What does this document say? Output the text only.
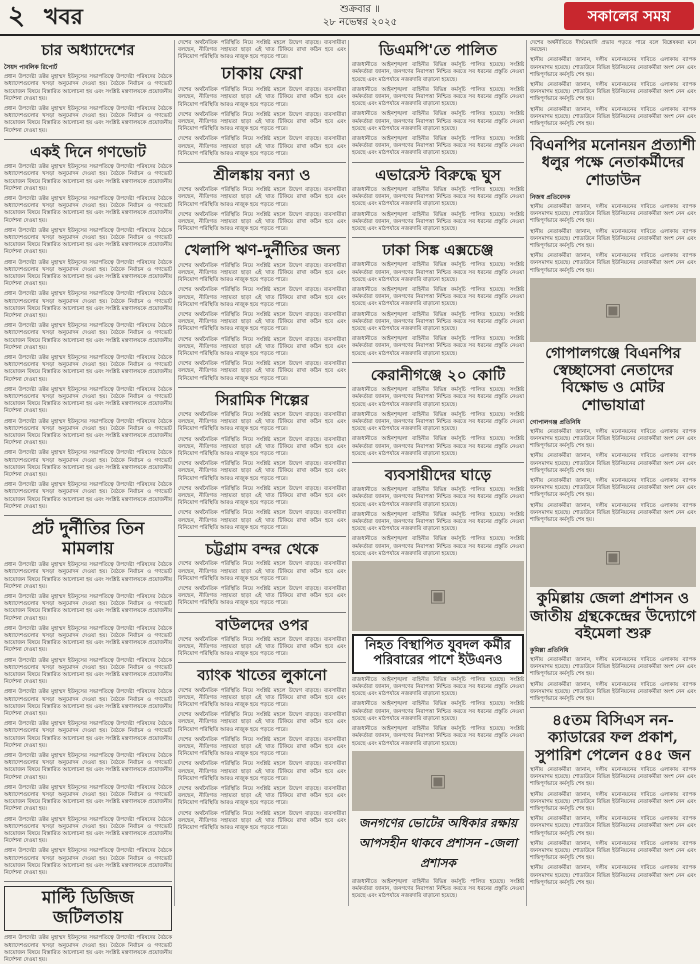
২ খবর	শুক্রবার ॥
২৮ নভেম্বর ২০২৫	সকালের সময়
চার অধ্যাদেশের
সৈয়দ পাবলিক রিপোর্ট

প্রধান উপদেষ্টা ডক্টর মুহাম্মদ ইউনূসের সভাপতিত্বে উপদেষ্টা পরিষদের বৈঠকে অধ্যাদেশগুলোর খসড়া অনুমোদন দেওয়া হয়। বৈঠকে নির্বাচন ও গণভোট আয়োজন বিষয়ে বিস্তারিত আলোচনা হয় এবং সংশ্লিষ্ট মন্ত্রণালয়কে প্রয়োজনীয় নির্দেশনা দেওয়া হয়।

প্রধান উপদেষ্টা ডক্টর মুহাম্মদ ইউনূসের সভাপতিত্বে উপদেষ্টা পরিষদের বৈঠকে অধ্যাদেশগুলোর খসড়া অনুমোদন দেওয়া হয়। বৈঠকে নির্বাচন ও গণভোট আয়োজন বিষয়ে বিস্তারিত আলোচনা হয় এবং সংশ্লিষ্ট মন্ত্রণালয়কে প্রয়োজনীয় নির্দেশনা দেওয়া হয়।

একই দিনে গণভোট

প্রধান উপদেষ্টা ডক্টর মুহাম্মদ ইউনূসের সভাপতিত্বে উপদেষ্টা পরিষদের বৈঠকে অধ্যাদেশগুলোর খসড়া অনুমোদন দেওয়া হয়। বৈঠকে নির্বাচন ও গণভোট আয়োজন বিষয়ে বিস্তারিত আলোচনা হয় এবং সংশ্লিষ্ট মন্ত্রণালয়কে প্রয়োজনীয় নির্দেশনা দেওয়া হয়।

প্রধান উপদেষ্টা ডক্টর মুহাম্মদ ইউনূসের সভাপতিত্বে উপদেষ্টা পরিষদের বৈঠকে অধ্যাদেশগুলোর খসড়া অনুমোদন দেওয়া হয়। বৈঠকে নির্বাচন ও গণভোট আয়োজন বিষয়ে বিস্তারিত আলোচনা হয় এবং সংশ্লিষ্ট মন্ত্রণালয়কে প্রয়োজনীয় নির্দেশনা দেওয়া হয়।

প্রধান উপদেষ্টা ডক্টর মুহাম্মদ ইউনূসের সভাপতিত্বে উপদেষ্টা পরিষদের বৈঠকে অধ্যাদেশগুলোর খসড়া অনুমোদন দেওয়া হয়। বৈঠকে নির্বাচন ও গণভোট আয়োজন বিষয়ে বিস্তারিত আলোচনা হয় এবং সংশ্লিষ্ট মন্ত্রণালয়কে প্রয়োজনীয় নির্দেশনা দেওয়া হয়।

প্রধান উপদেষ্টা ডক্টর মুহাম্মদ ইউনূসের সভাপতিত্বে উপদেষ্টা পরিষদের বৈঠকে অধ্যাদেশগুলোর খসড়া অনুমোদন দেওয়া হয়। বৈঠকে নির্বাচন ও গণভোট আয়োজন বিষয়ে বিস্তারিত আলোচনা হয় এবং সংশ্লিষ্ট মন্ত্রণালয়কে প্রয়োজনীয় নির্দেশনা দেওয়া হয়।

প্রধান উপদেষ্টা ডক্টর মুহাম্মদ ইউনূসের সভাপতিত্বে উপদেষ্টা পরিষদের বৈঠকে অধ্যাদেশগুলোর খসড়া অনুমোদন দেওয়া হয়। বৈঠকে নির্বাচন ও গণভোট আয়োজন বিষয়ে বিস্তারিত আলোচনা হয় এবং সংশ্লিষ্ট মন্ত্রণালয়কে প্রয়োজনীয় নির্দেশনা দেওয়া হয়।

প্রধান উপদেষ্টা ডক্টর মুহাম্মদ ইউনূসের সভাপতিত্বে উপদেষ্টা পরিষদের বৈঠকে অধ্যাদেশগুলোর খসড়া অনুমোদন দেওয়া হয়। বৈঠকে নির্বাচন ও গণভোট আয়োজন বিষয়ে বিস্তারিত আলোচনা হয় এবং সংশ্লিষ্ট মন্ত্রণালয়কে প্রয়োজনীয় নির্দেশনা দেওয়া হয়।

প্রধান উপদেষ্টা ডক্টর মুহাম্মদ ইউনূসের সভাপতিত্বে উপদেষ্টা পরিষদের বৈঠকে অধ্যাদেশগুলোর খসড়া অনুমোদন দেওয়া হয়। বৈঠকে নির্বাচন ও গণভোট আয়োজন বিষয়ে বিস্তারিত আলোচনা হয় এবং সংশ্লিষ্ট মন্ত্রণালয়কে প্রয়োজনীয় নির্দেশনা দেওয়া হয়।

প্রধান উপদেষ্টা ডক্টর মুহাম্মদ ইউনূসের সভাপতিত্বে উপদেষ্টা পরিষদের বৈঠকে অধ্যাদেশগুলোর খসড়া অনুমোদন দেওয়া হয়। বৈঠকে নির্বাচন ও গণভোট আয়োজন বিষয়ে বিস্তারিত আলোচনা হয় এবং সংশ্লিষ্ট মন্ত্রণালয়কে প্রয়োজনীয় নির্দেশনা দেওয়া হয়।

প্রধান উপদেষ্টা ডক্টর মুহাম্মদ ইউনূসের সভাপতিত্বে উপদেষ্টা পরিষদের বৈঠকে অধ্যাদেশগুলোর খসড়া অনুমোদন দেওয়া হয়। বৈঠকে নির্বাচন ও গণভোট আয়োজন বিষয়ে বিস্তারিত আলোচনা হয় এবং সংশ্লিষ্ট মন্ত্রণালয়কে প্রয়োজনীয় নির্দেশনা দেওয়া হয়।

প্রধান উপদেষ্টা ডক্টর মুহাম্মদ ইউনূসের সভাপতিত্বে উপদেষ্টা পরিষদের বৈঠকে অধ্যাদেশগুলোর খসড়া অনুমোদন দেওয়া হয়। বৈঠকে নির্বাচন ও গণভোট আয়োজন বিষয়ে বিস্তারিত আলোচনা হয় এবং সংশ্লিষ্ট মন্ত্রণালয়কে প্রয়োজনীয় নির্দেশনা দেওয়া হয়।

প্রধান উপদেষ্টা ডক্টর মুহাম্মদ ইউনূসের সভাপতিত্বে উপদেষ্টা পরিষদের বৈঠকে অধ্যাদেশগুলোর খসড়া অনুমোদন দেওয়া হয়। বৈঠকে নির্বাচন ও গণভোট আয়োজন বিষয়ে বিস্তারিত আলোচনা হয় এবং সংশ্লিষ্ট মন্ত্রণালয়কে প্রয়োজনীয় নির্দেশনা দেওয়া হয়।

প্রট দুর্নীতির তিন মামলায়

প্রধান উপদেষ্টা ডক্টর মুহাম্মদ ইউনূসের সভাপতিত্বে উপদেষ্টা পরিষদের বৈঠকে অধ্যাদেশগুলোর খসড়া অনুমোদন দেওয়া হয়। বৈঠকে নির্বাচন ও গণভোট আয়োজন বিষয়ে বিস্তারিত আলোচনা হয় এবং সংশ্লিষ্ট মন্ত্রণালয়কে প্রয়োজনীয় নির্দেশনা দেওয়া হয়।

প্রধান উপদেষ্টা ডক্টর মুহাম্মদ ইউনূসের সভাপতিত্বে উপদেষ্টা পরিষদের বৈঠকে অধ্যাদেশগুলোর খসড়া অনুমোদন দেওয়া হয়। বৈঠকে নির্বাচন ও গণভোট আয়োজন বিষয়ে বিস্তারিত আলোচনা হয় এবং সংশ্লিষ্ট মন্ত্রণালয়কে প্রয়োজনীয় নির্দেশনা দেওয়া হয়।

প্রধান উপদেষ্টা ডক্টর মুহাম্মদ ইউনূসের সভাপতিত্বে উপদেষ্টা পরিষদের বৈঠকে অধ্যাদেশগুলোর খসড়া অনুমোদন দেওয়া হয়। বৈঠকে নির্বাচন ও গণভোট আয়োজন বিষয়ে বিস্তারিত আলোচনা হয় এবং সংশ্লিষ্ট মন্ত্রণালয়কে প্রয়োজনীয় নির্দেশনা দেওয়া হয়।

প্রধান উপদেষ্টা ডক্টর মুহাম্মদ ইউনূসের সভাপতিত্বে উপদেষ্টা পরিষদের বৈঠকে অধ্যাদেশগুলোর খসড়া অনুমোদন দেওয়া হয়। বৈঠকে নির্বাচন ও গণভোট আয়োজন বিষয়ে বিস্তারিত আলোচনা হয় এবং সংশ্লিষ্ট মন্ত্রণালয়কে প্রয়োজনীয় নির্দেশনা দেওয়া হয়।

প্রধান উপদেষ্টা ডক্টর মুহাম্মদ ইউনূসের সভাপতিত্বে উপদেষ্টা পরিষদের বৈঠকে অধ্যাদেশগুলোর খসড়া অনুমোদন দেওয়া হয়। বৈঠকে নির্বাচন ও গণভোট আয়োজন বিষয়ে বিস্তারিত আলোচনা হয় এবং সংশ্লিষ্ট মন্ত্রণালয়কে প্রয়োজনীয় নির্দেশনা দেওয়া হয়।

প্রধান উপদেষ্টা ডক্টর মুহাম্মদ ইউনূসের সভাপতিত্বে উপদেষ্টা পরিষদের বৈঠকে অধ্যাদেশগুলোর খসড়া অনুমোদন দেওয়া হয়। বৈঠকে নির্বাচন ও গণভোট আয়োজন বিষয়ে বিস্তারিত আলোচনা হয় এবং সংশ্লিষ্ট মন্ত্রণালয়কে প্রয়োজনীয় নির্দেশনা দেওয়া হয়।

প্রধান উপদেষ্টা ডক্টর মুহাম্মদ ইউনূসের সভাপতিত্বে উপদেষ্টা পরিষদের বৈঠকে অধ্যাদেশগুলোর খসড়া অনুমোদন দেওয়া হয়। বৈঠকে নির্বাচন ও গণভোট আয়োজন বিষয়ে বিস্তারিত আলোচনা হয় এবং সংশ্লিষ্ট মন্ত্রণালয়কে প্রয়োজনীয় নির্দেশনা দেওয়া হয়।

প্রধান উপদেষ্টা ডক্টর মুহাম্মদ ইউনূসের সভাপতিত্বে উপদেষ্টা পরিষদের বৈঠকে অধ্যাদেশগুলোর খসড়া অনুমোদন দেওয়া হয়। বৈঠকে নির্বাচন ও গণভোট আয়োজন বিষয়ে বিস্তারিত আলোচনা হয় এবং সংশ্লিষ্ট মন্ত্রণালয়কে প্রয়োজনীয় নির্দেশনা দেওয়া হয়।

প্রধান উপদেষ্টা ডক্টর মুহাম্মদ ইউনূসের সভাপতিত্বে উপদেষ্টা পরিষদের বৈঠকে অধ্যাদেশগুলোর খসড়া অনুমোদন দেওয়া হয়। বৈঠকে নির্বাচন ও গণভোট আয়োজন বিষয়ে বিস্তারিত আলোচনা হয় এবং সংশ্লিষ্ট মন্ত্রণালয়কে প্রয়োজনীয় নির্দেশনা দেওয়া হয়।

প্রধান উপদেষ্টা ডক্টর মুহাম্মদ ইউনূসের সভাপতিত্বে উপদেষ্টা পরিষদের বৈঠকে অধ্যাদেশগুলোর খসড়া অনুমোদন দেওয়া হয়। বৈঠকে নির্বাচন ও গণভোট আয়োজন বিষয়ে বিস্তারিত আলোচনা হয় এবং সংশ্লিষ্ট মন্ত্রণালয়কে প্রয়োজনীয় নির্দেশনা দেওয়া হয়।

মাল্টি ডিজিজ জটিলতায়

প্রধান উপদেষ্টা ডক্টর মুহাম্মদ ইউনূসের সভাপতিত্বে উপদেষ্টা পরিষদের বৈঠকে অধ্যাদেশগুলোর খসড়া অনুমোদন দেওয়া হয়। বৈঠকে নির্বাচন ও গণভোট আয়োজন বিষয়ে বিস্তারিত আলোচনা হয় এবং সংশ্লিষ্ট মন্ত্রণালয়কে প্রয়োজনীয় নির্দেশনা দেওয়া হয়।

দেশের অর্থনৈতিক পরিস্থিতি নিয়ে সংশ্লিষ্ট মহলে উদ্বেগ বাড়ছে। ব্যবসায়ীরা বলছেন, নীতিগত সহায়তা ছাড়া এই খাত টিকিয়ে রাখা কঠিন হবে এবং বিনিয়োগ পরিস্থিতি আরও নাজুক হয়ে পড়তে পারে।

ঢাকায় ফেরা

দেশের অর্থনৈতিক পরিস্থিতি নিয়ে সংশ্লিষ্ট মহলে উদ্বেগ বাড়ছে। ব্যবসায়ীরা বলছেন, নীতিগত সহায়তা ছাড়া এই খাত টিকিয়ে রাখা কঠিন হবে এবং বিনিয়োগ পরিস্থিতি আরও নাজুক হয়ে পড়তে পারে।

দেশের অর্থনৈতিক পরিস্থিতি নিয়ে সংশ্লিষ্ট মহলে উদ্বেগ বাড়ছে। ব্যবসায়ীরা বলছেন, নীতিগত সহায়তা ছাড়া এই খাত টিকিয়ে রাখা কঠিন হবে এবং বিনিয়োগ পরিস্থিতি আরও নাজুক হয়ে পড়তে পারে।

দেশের অর্থনৈতিক পরিস্থিতি নিয়ে সংশ্লিষ্ট মহলে উদ্বেগ বাড়ছে। ব্যবসায়ীরা বলছেন, নীতিগত সহায়তা ছাড়া এই খাত টিকিয়ে রাখা কঠিন হবে এবং বিনিয়োগ পরিস্থিতি আরও নাজুক হয়ে পড়তে পারে।

শ্রীলঙ্কায় বন্যা ও

দেশের অর্থনৈতিক পরিস্থিতি নিয়ে সংশ্লিষ্ট মহলে উদ্বেগ বাড়ছে। ব্যবসায়ীরা বলছেন, নীতিগত সহায়তা ছাড়া এই খাত টিকিয়ে রাখা কঠিন হবে এবং বিনিয়োগ পরিস্থিতি আরও নাজুক হয়ে পড়তে পারে।

দেশের অর্থনৈতিক পরিস্থিতি নিয়ে সংশ্লিষ্ট মহলে উদ্বেগ বাড়ছে। ব্যবসায়ীরা বলছেন, নীতিগত সহায়তা ছাড়া এই খাত টিকিয়ে রাখা কঠিন হবে এবং বিনিয়োগ পরিস্থিতি আরও নাজুক হয়ে পড়তে পারে।

খেলাপি ঋণ-দুর্নীতির জন্য

দেশের অর্থনৈতিক পরিস্থিতি নিয়ে সংশ্লিষ্ট মহলে উদ্বেগ বাড়ছে। ব্যবসায়ীরা বলছেন, নীতিগত সহায়তা ছাড়া এই খাত টিকিয়ে রাখা কঠিন হবে এবং বিনিয়োগ পরিস্থিতি আরও নাজুক হয়ে পড়তে পারে।

দেশের অর্থনৈতিক পরিস্থিতি নিয়ে সংশ্লিষ্ট মহলে উদ্বেগ বাড়ছে। ব্যবসায়ীরা বলছেন, নীতিগত সহায়তা ছাড়া এই খাত টিকিয়ে রাখা কঠিন হবে এবং বিনিয়োগ পরিস্থিতি আরও নাজুক হয়ে পড়তে পারে।

দেশের অর্থনৈতিক পরিস্থিতি নিয়ে সংশ্লিষ্ট মহলে উদ্বেগ বাড়ছে। ব্যবসায়ীরা বলছেন, নীতিগত সহায়তা ছাড়া এই খাত টিকিয়ে রাখা কঠিন হবে এবং বিনিয়োগ পরিস্থিতি আরও নাজুক হয়ে পড়তে পারে।

দেশের অর্থনৈতিক পরিস্থিতি নিয়ে সংশ্লিষ্ট মহলে উদ্বেগ বাড়ছে। ব্যবসায়ীরা বলছেন, নীতিগত সহায়তা ছাড়া এই খাত টিকিয়ে রাখা কঠিন হবে এবং বিনিয়োগ পরিস্থিতি আরও নাজুক হয়ে পড়তে পারে।

দেশের অর্থনৈতিক পরিস্থিতি নিয়ে সংশ্লিষ্ট মহলে উদ্বেগ বাড়ছে। ব্যবসায়ীরা বলছেন, নীতিগত সহায়তা ছাড়া এই খাত টিকিয়ে রাখা কঠিন হবে এবং বিনিয়োগ পরিস্থিতি আরও নাজুক হয়ে পড়তে পারে।

সিরামিক শিল্পের

দেশের অর্থনৈতিক পরিস্থিতি নিয়ে সংশ্লিষ্ট মহলে উদ্বেগ বাড়ছে। ব্যবসায়ীরা বলছেন, নীতিগত সহায়তা ছাড়া এই খাত টিকিয়ে রাখা কঠিন হবে এবং বিনিয়োগ পরিস্থিতি আরও নাজুক হয়ে পড়তে পারে।

দেশের অর্থনৈতিক পরিস্থিতি নিয়ে সংশ্লিষ্ট মহলে উদ্বেগ বাড়ছে। ব্যবসায়ীরা বলছেন, নীতিগত সহায়তা ছাড়া এই খাত টিকিয়ে রাখা কঠিন হবে এবং বিনিয়োগ পরিস্থিতি আরও নাজুক হয়ে পড়তে পারে।

দেশের অর্থনৈতিক পরিস্থিতি নিয়ে সংশ্লিষ্ট মহলে উদ্বেগ বাড়ছে। ব্যবসায়ীরা বলছেন, নীতিগত সহায়তা ছাড়া এই খাত টিকিয়ে রাখা কঠিন হবে এবং বিনিয়োগ পরিস্থিতি আরও নাজুক হয়ে পড়তে পারে।

দেশের অর্থনৈতিক পরিস্থিতি নিয়ে সংশ্লিষ্ট মহলে উদ্বেগ বাড়ছে। ব্যবসায়ীরা বলছেন, নীতিগত সহায়তা ছাড়া এই খাত টিকিয়ে রাখা কঠিন হবে এবং বিনিয়োগ পরিস্থিতি আরও নাজুক হয়ে পড়তে পারে।

দেশের অর্থনৈতিক পরিস্থিতি নিয়ে সংশ্লিষ্ট মহলে উদ্বেগ বাড়ছে। ব্যবসায়ীরা বলছেন, নীতিগত সহায়তা ছাড়া এই খাত টিকিয়ে রাখা কঠিন হবে এবং বিনিয়োগ পরিস্থিতি আরও নাজুক হয়ে পড়তে পারে।

চট্টগ্রাম বন্দর থেকে

দেশের অর্থনৈতিক পরিস্থিতি নিয়ে সংশ্লিষ্ট মহলে উদ্বেগ বাড়ছে। ব্যবসায়ীরা বলছেন, নীতিগত সহায়তা ছাড়া এই খাত টিকিয়ে রাখা কঠিন হবে এবং বিনিয়োগ পরিস্থিতি আরও নাজুক হয়ে পড়তে পারে।

দেশের অর্থনৈতিক পরিস্থিতি নিয়ে সংশ্লিষ্ট মহলে উদ্বেগ বাড়ছে। ব্যবসায়ীরা বলছেন, নীতিগত সহায়তা ছাড়া এই খাত টিকিয়ে রাখা কঠিন হবে এবং বিনিয়োগ পরিস্থিতি আরও নাজুক হয়ে পড়তে পারে।

বাউলদের ওপর

দেশের অর্থনৈতিক পরিস্থিতি নিয়ে সংশ্লিষ্ট মহলে উদ্বেগ বাড়ছে। ব্যবসায়ীরা বলছেন, নীতিগত সহায়তা ছাড়া এই খাত টিকিয়ে রাখা কঠিন হবে এবং বিনিয়োগ পরিস্থিতি আরও নাজুক হয়ে পড়তে পারে।

ব্যাংক খাতের লুকানো

দেশের অর্থনৈতিক পরিস্থিতি নিয়ে সংশ্লিষ্ট মহলে উদ্বেগ বাড়ছে। ব্যবসায়ীরা বলছেন, নীতিগত সহায়তা ছাড়া এই খাত টিকিয়ে রাখা কঠিন হবে এবং বিনিয়োগ পরিস্থিতি আরও নাজুক হয়ে পড়তে পারে।

দেশের অর্থনৈতিক পরিস্থিতি নিয়ে সংশ্লিষ্ট মহলে উদ্বেগ বাড়ছে। ব্যবসায়ীরা বলছেন, নীতিগত সহায়তা ছাড়া এই খাত টিকিয়ে রাখা কঠিন হবে এবং বিনিয়োগ পরিস্থিতি আরও নাজুক হয়ে পড়তে পারে।

দেশের অর্থনৈতিক পরিস্থিতি নিয়ে সংশ্লিষ্ট মহলে উদ্বেগ বাড়ছে। ব্যবসায়ীরা বলছেন, নীতিগত সহায়তা ছাড়া এই খাত টিকিয়ে রাখা কঠিন হবে এবং বিনিয়োগ পরিস্থিতি আরও নাজুক হয়ে পড়তে পারে।

দেশের অর্থনৈতিক পরিস্থিতি নিয়ে সংশ্লিষ্ট মহলে উদ্বেগ বাড়ছে। ব্যবসায়ীরা বলছেন, নীতিগত সহায়তা ছাড়া এই খাত টিকিয়ে রাখা কঠিন হবে এবং বিনিয়োগ পরিস্থিতি আরও নাজুক হয়ে পড়তে পারে।

দেশের অর্থনৈতিক পরিস্থিতি নিয়ে সংশ্লিষ্ট মহলে উদ্বেগ বাড়ছে। ব্যবসায়ীরা বলছেন, নীতিগত সহায়তা ছাড়া এই খাত টিকিয়ে রাখা কঠিন হবে এবং বিনিয়োগ পরিস্থিতি আরও নাজুক হয়ে পড়তে পারে।

দেশের অর্থনৈতিক পরিস্থিতি নিয়ে সংশ্লিষ্ট মহলে উদ্বেগ বাড়ছে। ব্যবসায়ীরা বলছেন, নীতিগত সহায়তা ছাড়া এই খাত টিকিয়ে রাখা কঠিন হবে এবং বিনিয়োগ পরিস্থিতি আরও নাজুক হয়ে পড়তে পারে।

ডিএমপি'তে পালিত

রাজধানীতে আইনশৃঙ্খলা বাহিনীর বিভিন্ন কর্মসূচি পালিত হয়েছে। সংশ্লিষ্ট কর্মকর্তারা জানান, জনগণের নিরাপত্তা নিশ্চিত করতে সব ধরনের প্রস্তুতি নেওয়া হয়েছে এবং মাঠপর্যায়ে নজরদারি বাড়ানো হয়েছে।

রাজধানীতে আইনশৃঙ্খলা বাহিনীর বিভিন্ন কর্মসূচি পালিত হয়েছে। সংশ্লিষ্ট কর্মকর্তারা জানান, জনগণের নিরাপত্তা নিশ্চিত করতে সব ধরনের প্রস্তুতি নেওয়া হয়েছে এবং মাঠপর্যায়ে নজরদারি বাড়ানো হয়েছে।

রাজধানীতে আইনশৃঙ্খলা বাহিনীর বিভিন্ন কর্মসূচি পালিত হয়েছে। সংশ্লিষ্ট কর্মকর্তারা জানান, জনগণের নিরাপত্তা নিশ্চিত করতে সব ধরনের প্রস্তুতি নেওয়া হয়েছে এবং মাঠপর্যায়ে নজরদারি বাড়ানো হয়েছে।

রাজধানীতে আইনশৃঙ্খলা বাহিনীর বিভিন্ন কর্মসূচি পালিত হয়েছে। সংশ্লিষ্ট কর্মকর্তারা জানান, জনগণের নিরাপত্তা নিশ্চিত করতে সব ধরনের প্রস্তুতি নেওয়া হয়েছে এবং মাঠপর্যায়ে নজরদারি বাড়ানো হয়েছে।

এভারেস্ট বিরুদ্ধে ঘুস

রাজধানীতে আইনশৃঙ্খলা বাহিনীর বিভিন্ন কর্মসূচি পালিত হয়েছে। সংশ্লিষ্ট কর্মকর্তারা জানান, জনগণের নিরাপত্তা নিশ্চিত করতে সব ধরনের প্রস্তুতি নেওয়া হয়েছে এবং মাঠপর্যায়ে নজরদারি বাড়ানো হয়েছে।

রাজধানীতে আইনশৃঙ্খলা বাহিনীর বিভিন্ন কর্মসূচি পালিত হয়েছে। সংশ্লিষ্ট কর্মকর্তারা জানান, জনগণের নিরাপত্তা নিশ্চিত করতে সব ধরনের প্রস্তুতি নেওয়া হয়েছে এবং মাঠপর্যায়ে নজরদারি বাড়ানো হয়েছে।

ঢাকা সিঙ্ক এক্সচেঞ্জ

রাজধানীতে আইনশৃঙ্খলা বাহিনীর বিভিন্ন কর্মসূচি পালিত হয়েছে। সংশ্লিষ্ট কর্মকর্তারা জানান, জনগণের নিরাপত্তা নিশ্চিত করতে সব ধরনের প্রস্তুতি নেওয়া হয়েছে এবং মাঠপর্যায়ে নজরদারি বাড়ানো হয়েছে।

রাজধানীতে আইনশৃঙ্খলা বাহিনীর বিভিন্ন কর্মসূচি পালিত হয়েছে। সংশ্লিষ্ট কর্মকর্তারা জানান, জনগণের নিরাপত্তা নিশ্চিত করতে সব ধরনের প্রস্তুতি নেওয়া হয়েছে এবং মাঠপর্যায়ে নজরদারি বাড়ানো হয়েছে।

রাজধানীতে আইনশৃঙ্খলা বাহিনীর বিভিন্ন কর্মসূচি পালিত হয়েছে। সংশ্লিষ্ট কর্মকর্তারা জানান, জনগণের নিরাপত্তা নিশ্চিত করতে সব ধরনের প্রস্তুতি নেওয়া হয়েছে এবং মাঠপর্যায়ে নজরদারি বাড়ানো হয়েছে।

রাজধানীতে আইনশৃঙ্খলা বাহিনীর বিভিন্ন কর্মসূচি পালিত হয়েছে। সংশ্লিষ্ট কর্মকর্তারা জানান, জনগণের নিরাপত্তা নিশ্চিত করতে সব ধরনের প্রস্তুতি নেওয়া হয়েছে এবং মাঠপর্যায়ে নজরদারি বাড়ানো হয়েছে।

কেরানীগঞ্জে ২০ কোটি

রাজধানীতে আইনশৃঙ্খলা বাহিনীর বিভিন্ন কর্মসূচি পালিত হয়েছে। সংশ্লিষ্ট কর্মকর্তারা জানান, জনগণের নিরাপত্তা নিশ্চিত করতে সব ধরনের প্রস্তুতি নেওয়া হয়েছে এবং মাঠপর্যায়ে নজরদারি বাড়ানো হয়েছে।

রাজধানীতে আইনশৃঙ্খলা বাহিনীর বিভিন্ন কর্মসূচি পালিত হয়েছে। সংশ্লিষ্ট কর্মকর্তারা জানান, জনগণের নিরাপত্তা নিশ্চিত করতে সব ধরনের প্রস্তুতি নেওয়া হয়েছে এবং মাঠপর্যায়ে নজরদারি বাড়ানো হয়েছে।

রাজধানীতে আইনশৃঙ্খলা বাহিনীর বিভিন্ন কর্মসূচি পালিত হয়েছে। সংশ্লিষ্ট কর্মকর্তারা জানান, জনগণের নিরাপত্তা নিশ্চিত করতে সব ধরনের প্রস্তুতি নেওয়া হয়েছে এবং মাঠপর্যায়ে নজরদারি বাড়ানো হয়েছে।

ব্যবসায়ীদের ঘাড়ে

রাজধানীতে আইনশৃঙ্খলা বাহিনীর বিভিন্ন কর্মসূচি পালিত হয়েছে। সংশ্লিষ্ট কর্মকর্তারা জানান, জনগণের নিরাপত্তা নিশ্চিত করতে সব ধরনের প্রস্তুতি নেওয়া হয়েছে এবং মাঠপর্যায়ে নজরদারি বাড়ানো হয়েছে।

রাজধানীতে আইনশৃঙ্খলা বাহিনীর বিভিন্ন কর্মসূচি পালিত হয়েছে। সংশ্লিষ্ট কর্মকর্তারা জানান, জনগণের নিরাপত্তা নিশ্চিত করতে সব ধরনের প্রস্তুতি নেওয়া হয়েছে এবং মাঠপর্যায়ে নজরদারি বাড়ানো হয়েছে।

রাজধানীতে আইনশৃঙ্খলা বাহিনীর বিভিন্ন কর্মসূচি পালিত হয়েছে। সংশ্লিষ্ট কর্মকর্তারা জানান, জনগণের নিরাপত্তা নিশ্চিত করতে সব ধরনের প্রস্তুতি নেওয়া হয়েছে এবং মাঠপর্যায়ে নজরদারি বাড়ানো হয়েছে।

▣
নিহত বিস্থাপিত যুবদল কর্মীর পরিবারের পাশে ইউএনও

রাজধানীতে আইনশৃঙ্খলা বাহিনীর বিভিন্ন কর্মসূচি পালিত হয়েছে। সংশ্লিষ্ট কর্মকর্তারা জানান, জনগণের নিরাপত্তা নিশ্চিত করতে সব ধরনের প্রস্তুতি নেওয়া হয়েছে এবং মাঠপর্যায়ে নজরদারি বাড়ানো হয়েছে।

রাজধানীতে আইনশৃঙ্খলা বাহিনীর বিভিন্ন কর্মসূচি পালিত হয়েছে। সংশ্লিষ্ট কর্মকর্তারা জানান, জনগণের নিরাপত্তা নিশ্চিত করতে সব ধরনের প্রস্তুতি নেওয়া হয়েছে এবং মাঠপর্যায়ে নজরদারি বাড়ানো হয়েছে।

রাজধানীতে আইনশৃঙ্খলা বাহিনীর বিভিন্ন কর্মসূচি পালিত হয়েছে। সংশ্লিষ্ট কর্মকর্তারা জানান, জনগণের নিরাপত্তা নিশ্চিত করতে সব ধরনের প্রস্তুতি নেওয়া হয়েছে এবং মাঠপর্যায়ে নজরদারি বাড়ানো হয়েছে।

▣
জনগণের ভোটের অধিকার রক্ষায় আপসহীন থাকবে প্রশাসন -জেলা প্রশাসক

রাজধানীতে আইনশৃঙ্খলা বাহিনীর বিভিন্ন কর্মসূচি পালিত হয়েছে। সংশ্লিষ্ট কর্মকর্তারা জানান, জনগণের নিরাপত্তা নিশ্চিত করতে সব ধরনের প্রস্তুতি নেওয়া হয়েছে এবং মাঠপর্যায়ে নজরদারি বাড়ানো হয়েছে।

দেশের অর্থনীতিতে দীর্ঘমেয়াদি প্রভাব পড়তে পারে বলে বিশ্লেষকরা মনে করছেন।

স্থানীয় নেতাকর্মীরা জানান, দলীয় মনোনয়নের দাবিতে এলাকায় ব্যাপক জনসমাগম হয়েছে। শোডাউনে বিভিন্ন ইউনিয়নের নেতাকর্মীরা অংশ নেন এবং শান্তিপূর্ণভাবে কর্মসূচি শেষ হয়।

স্থানীয় নেতাকর্মীরা জানান, দলীয় মনোনয়নের দাবিতে এলাকায় ব্যাপক জনসমাগম হয়েছে। শোডাউনে বিভিন্ন ইউনিয়নের নেতাকর্মীরা অংশ নেন এবং শান্তিপূর্ণভাবে কর্মসূচি শেষ হয়।

স্থানীয় নেতাকর্মীরা জানান, দলীয় মনোনয়নের দাবিতে এলাকায় ব্যাপক জনসমাগম হয়েছে। শোডাউনে বিভিন্ন ইউনিয়নের নেতাকর্মীরা অংশ নেন এবং শান্তিপূর্ণভাবে কর্মসূচি শেষ হয়।

বিএনপির মনোনয়ন প্রত্যাশী ধলুর পক্ষে নেতাকর্মীদের শোডাউন
নিজস্ব প্রতিবেদক

স্থানীয় নেতাকর্মীরা জানান, দলীয় মনোনয়নের দাবিতে এলাকায় ব্যাপক জনসমাগম হয়েছে। শোডাউনে বিভিন্ন ইউনিয়নের নেতাকর্মীরা অংশ নেন এবং শান্তিপূর্ণভাবে কর্মসূচি শেষ হয়।

স্থানীয় নেতাকর্মীরা জানান, দলীয় মনোনয়নের দাবিতে এলাকায় ব্যাপক জনসমাগম হয়েছে। শোডাউনে বিভিন্ন ইউনিয়নের নেতাকর্মীরা অংশ নেন এবং শান্তিপূর্ণভাবে কর্মসূচি শেষ হয়।

স্থানীয় নেতাকর্মীরা জানান, দলীয় মনোনয়নের দাবিতে এলাকায় ব্যাপক জনসমাগম হয়েছে। শোডাউনে বিভিন্ন ইউনিয়নের নেতাকর্মীরা অংশ নেন এবং শান্তিপূর্ণভাবে কর্মসূচি শেষ হয়।

▣
গোপালগঞ্জে বিএনপির স্বেচ্ছাসেবা নেতাদের বিক্ষোভ ও মোটর শোভাযাত্রা
গোপালগঞ্জ প্রতিনিধি

স্থানীয় নেতাকর্মীরা জানান, দলীয় মনোনয়নের দাবিতে এলাকায় ব্যাপক জনসমাগম হয়েছে। শোডাউনে বিভিন্ন ইউনিয়নের নেতাকর্মীরা অংশ নেন এবং শান্তিপূর্ণভাবে কর্মসূচি শেষ হয়।

স্থানীয় নেতাকর্মীরা জানান, দলীয় মনোনয়নের দাবিতে এলাকায় ব্যাপক জনসমাগম হয়েছে। শোডাউনে বিভিন্ন ইউনিয়নের নেতাকর্মীরা অংশ নেন এবং শান্তিপূর্ণভাবে কর্মসূচি শেষ হয়।

স্থানীয় নেতাকর্মীরা জানান, দলীয় মনোনয়নের দাবিতে এলাকায় ব্যাপক জনসমাগম হয়েছে। শোডাউনে বিভিন্ন ইউনিয়নের নেতাকর্মীরা অংশ নেন এবং শান্তিপূর্ণভাবে কর্মসূচি শেষ হয়।

স্থানীয় নেতাকর্মীরা জানান, দলীয় মনোনয়নের দাবিতে এলাকায় ব্যাপক জনসমাগম হয়েছে। শোডাউনে বিভিন্ন ইউনিয়নের নেতাকর্মীরা অংশ নেন এবং শান্তিপূর্ণভাবে কর্মসূচি শেষ হয়।

▣
কুমিল্লায় জেলা প্রশাসন ও জাতীয় গ্রন্থকেন্দ্রের উদ্যোগে বইমেলা শুরু
কুমিল্লা প্রতিনিধি

স্থানীয় নেতাকর্মীরা জানান, দলীয় মনোনয়নের দাবিতে এলাকায় ব্যাপক জনসমাগম হয়েছে। শোডাউনে বিভিন্ন ইউনিয়নের নেতাকর্মীরা অংশ নেন এবং শান্তিপূর্ণভাবে কর্মসূচি শেষ হয়।

স্থানীয় নেতাকর্মীরা জানান, দলীয় মনোনয়নের দাবিতে এলাকায় ব্যাপক জনসমাগম হয়েছে। শোডাউনে বিভিন্ন ইউনিয়নের নেতাকর্মীরা অংশ নেন এবং শান্তিপূর্ণভাবে কর্মসূচি শেষ হয়।

৪৫তম বিসিএস নন-ক্যাডারের ফল প্রকাশ, সুপারিশ পেলেন ৫৪৫ জন

স্থানীয় নেতাকর্মীরা জানান, দলীয় মনোনয়নের দাবিতে এলাকায় ব্যাপক জনসমাগম হয়েছে। শোডাউনে বিভিন্ন ইউনিয়নের নেতাকর্মীরা অংশ নেন এবং শান্তিপূর্ণভাবে কর্মসূচি শেষ হয়।

স্থানীয় নেতাকর্মীরা জানান, দলীয় মনোনয়নের দাবিতে এলাকায় ব্যাপক জনসমাগম হয়েছে। শোডাউনে বিভিন্ন ইউনিয়নের নেতাকর্মীরা অংশ নেন এবং শান্তিপূর্ণভাবে কর্মসূচি শেষ হয়।

স্থানীয় নেতাকর্মীরা জানান, দলীয় মনোনয়নের দাবিতে এলাকায় ব্যাপক জনসমাগম হয়েছে। শোডাউনে বিভিন্ন ইউনিয়নের নেতাকর্মীরা অংশ নেন এবং শান্তিপূর্ণভাবে কর্মসূচি শেষ হয়।

স্থানীয় নেতাকর্মীরা জানান, দলীয় মনোনয়নের দাবিতে এলাকায় ব্যাপক জনসমাগম হয়েছে। শোডাউনে বিভিন্ন ইউনিয়নের নেতাকর্মীরা অংশ নেন এবং শান্তিপূর্ণভাবে কর্মসূচি শেষ হয়।

স্থানীয় নেতাকর্মীরা জানান, দলীয় মনোনয়নের দাবিতে এলাকায় ব্যাপক জনসমাগম হয়েছে। শোডাউনে বিভিন্ন ইউনিয়নের নেতাকর্মীরা অংশ নেন এবং শান্তিপূর্ণভাবে কর্মসূচি শেষ হয়।
